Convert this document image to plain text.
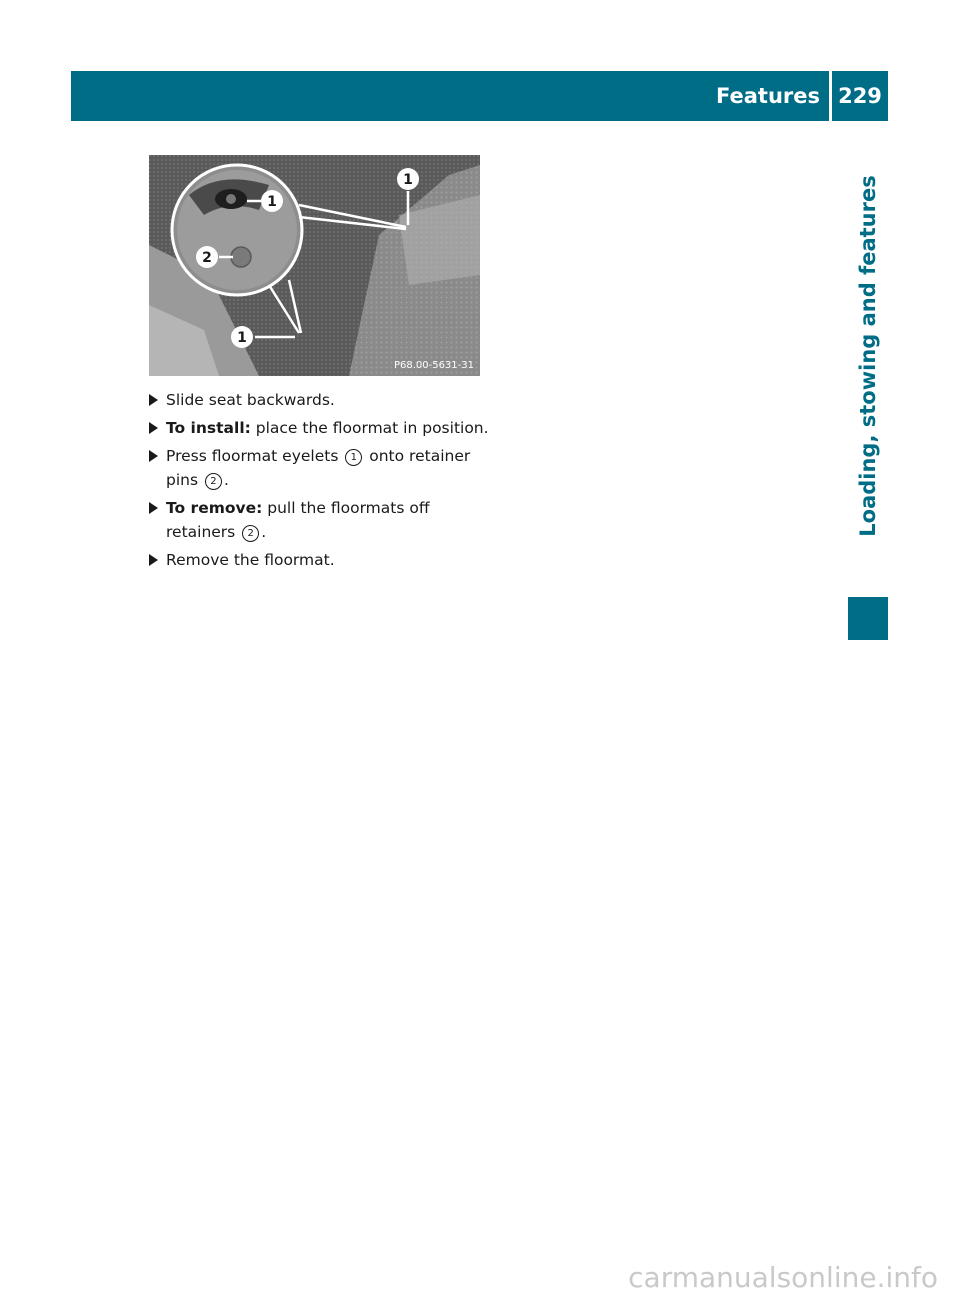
Features 229
Loading, stowing and features
1
1
2
1
P68.00-5631-31
Slide seat backwards.
To install: place the floormat in position.
Press floormat eyelets 1 onto retainer pins 2 .
To remove: pull the floormats off retainers 2 .
Remove the floormat.
carmanualsonline.info
